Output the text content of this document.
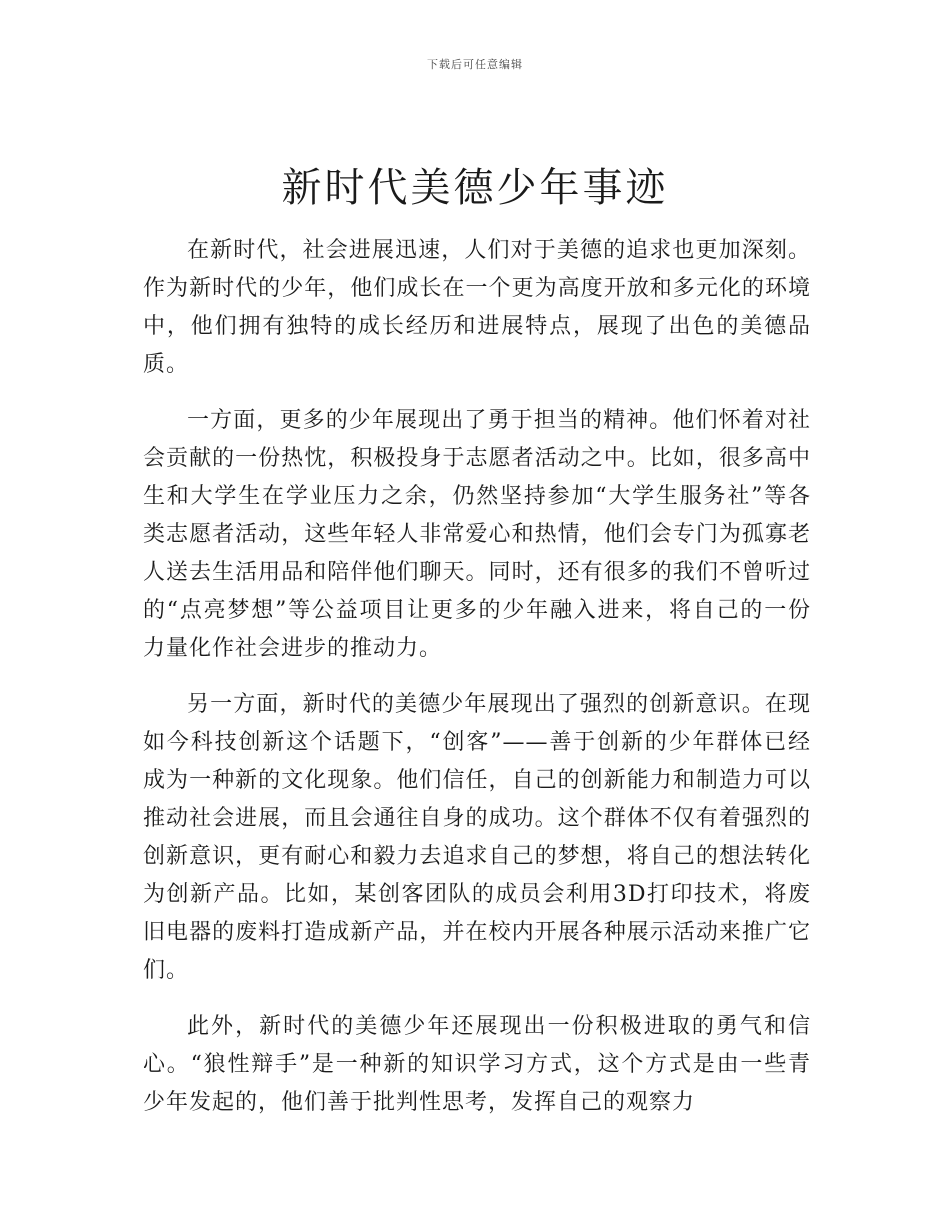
下载后可任意编辑
新时代美德少年事迹

在新时代，社会进展迅速，人们对于美德的追求也更加深刻。作为新时代的少年，他们成长在一个更为高度开放和多元化的环境中，他们拥有独特的成长经历和进展特点，展现了出色的美德品质。

一方面，更多的少年展现出了勇于担当的精神。他们怀着对社会贡献的一份热忱，积极投身于志愿者活动之中。比如，很多高中生和大学生在学业压力之余，仍然坚持参加“大学生服务社”等各类志愿者活动，这些年轻人非常爱心和热情，他们会专门为孤寡老人送去生活用品和陪伴他们聊天。同时，还有很多的我们不曾听过的“点亮梦想”等公益项目让更多的少年融入进来，将自己的一份力量化作社会进步的推动力。

另一方面，新时代的美德少年展现出了强烈的创新意识。在现如今科技创新这个话题下，“创客”——善于创新的少年群体已经成为一种新的文化现象。他们信任，自己的创新能力和制造力可以推动社会进展，而且会通往自身的成功。这个群体不仅有着强烈的创新意识，更有耐心和毅力去追求自己的梦想，将自己的想法转化为创新产品。比如，某创客团队的成员会利用3D打印技术，将废旧电器的废料打造成新产品，并在校内开展各种展示活动来推广它们。

此外，新时代的美德少年还展现出一份积极进取的勇气和信心。“狼性辩手”是一种新的知识学习方式，这个方式是由一些青少年发起的，他们善于批判性思考，发挥自己的观察力
